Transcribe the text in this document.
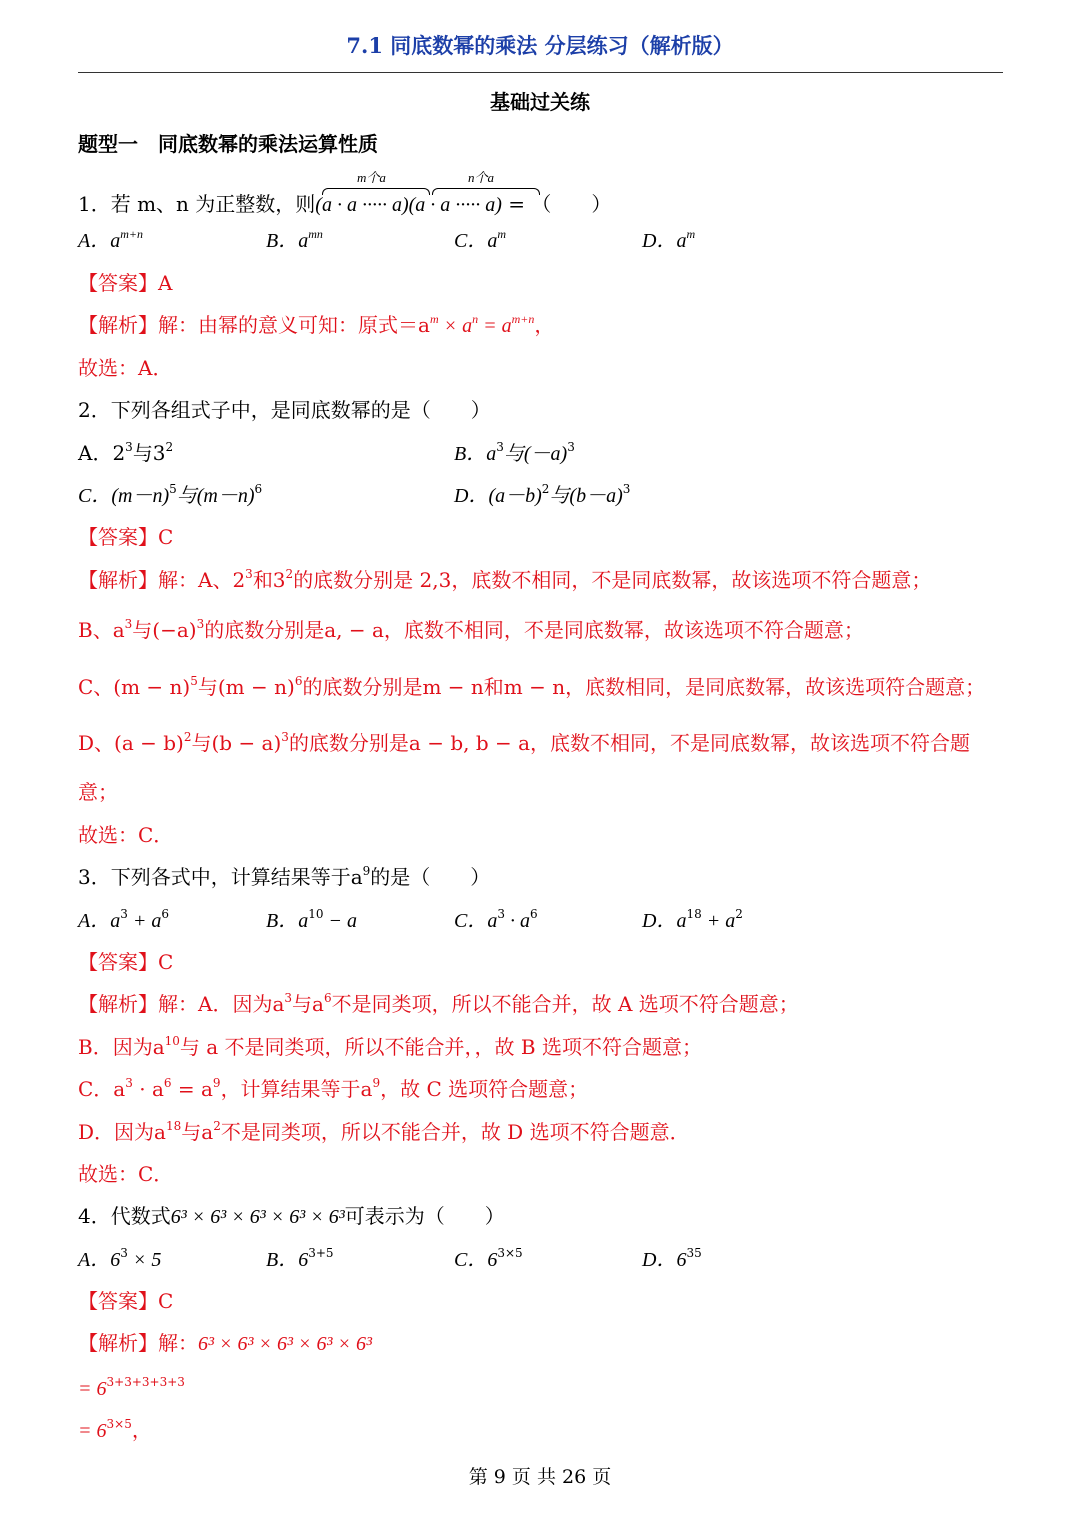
7.1 同底数幂的乘法 分层练习（解析版）
基础过关练
题型一　同底数幂的乘法运算性质
1．若 m、n 为正整数，则(a · a ····· a)(a · a ····· a) = （　　）
m个a	n个a
A．$a^{m+n}$	B．$a^{mn}$	C．$a^m$	D．$a^m$
【答案】A
【解析】解：由幂的意义可知：原式$=a^m \times a^n = a^{m+n}$，
故选：A．
2．下列各组式子中，是同底数幂的是（　　）
A．$2^3$与$3^2$	B．$a^3$与$(-a)^3$
C．$(m-n)^5$与$(m-n)^6$	D．$(a-b)^2$与$(b-a)^3$
【答案】C
【解析】解：A、$2^3$和$3^2$的底数分别是 2,3，底数不相同，不是同底数幂，故该选项不符合题意；
B、$a^3$与$(-a)^3$的底数分别是a, − a，底数不相同，不是同底数幂，故该选项不符合题意；
C、$(m - n)^5$与$(m - n)^6$的底数分别是m − n和m − n，底数相同，是同底数幂，故该选项符合题意；
D、$(a - b)^2$与$(b - a)^3$的底数分别是a − b, b − a，底数不相同，不是同底数幂，故该选项不符合题
意；
故选：C．
3．下列各式中，计算结果等于$a^9$的是（　　）
A．$a^3 + a^6$	B．$a^{10} - a$	C．$a^3 \cdot a^6$	D．$a^{18} + a^2$
【答案】C
【解析】解：A．因为$a^3$与$a^6$不是同类项，所以不能合并，故 A 选项不符合题意；
B．因为$a^{10}$与 a 不是同类项，所以不能合并，，故 B 选项不符合题意；
C．$a^3 \cdot a^6 = a^9$，计算结果等于$a^9$，故 C 选项符合题意；
D．因为$a^{18}$与$a^2$不是同类项，所以不能合并，故 D 选项不符合题意．
故选：C．
4．代数式6³ × 6³ × 6³ × 6³ × 6³可表示为（　　）
A．$6^3 \times 5$	B．$6^{3+5}$	C．$6^{3\times 5}$	D．$6^{35}$
【答案】C
【解析】解：6³ × 6³ × 6³ × 6³ × 6³
= $6^{3+3+3+3+3}$
= $6^{3\times 5}$，
第 9 页 共 26 页
